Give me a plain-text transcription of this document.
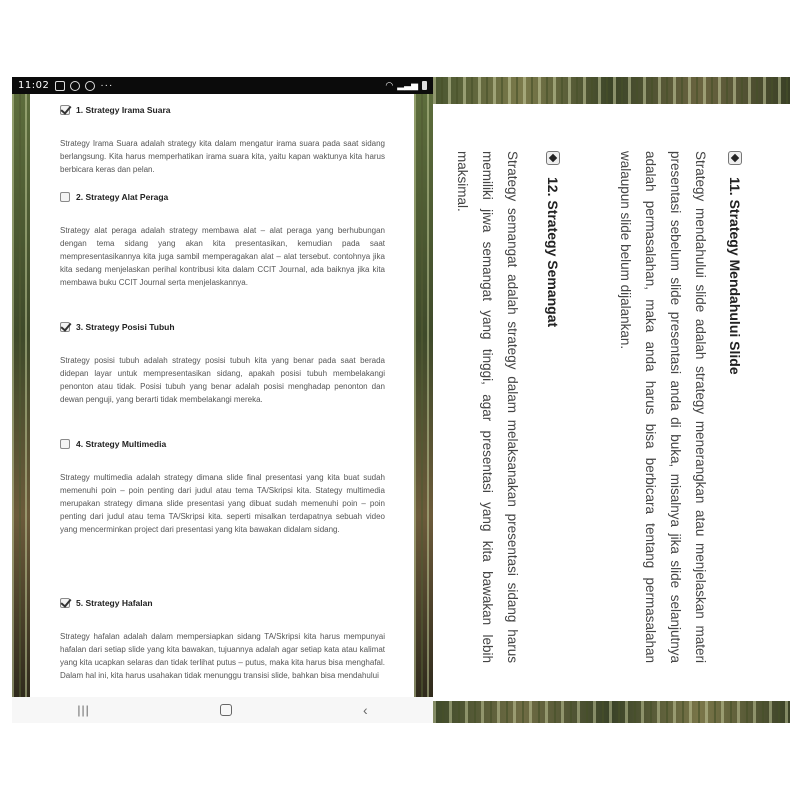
11:02	···	◠ ▂▃▅
1. Strategy Irama Suara
Strategy Irama Suara adalah strategy kita dalam mengatur irama suara pada saat sidang berlangsung. Kita harus memperhatikan irama suara kita, yaitu kapan waktunya kita harus berbicara keras dan pelan.
2. Strategy Alat Peraga
Strategy alat peraga adalah strategy membawa alat – alat peraga yang berhubungan dengan tema sidang yang akan kita presentasikan, kemudian pada saat mempresentasikannya kita juga sambil memperagakan alat – alat tersebut. contohnya jika kita sedang menjelaskan perihal kontribusi kita dalam CCIT Journal, ada baiknya jika kita membawa buku CCIT Journal serta menjelaskannya.
3. Strategy Posisi Tubuh
Strategy posisi tubuh adalah strategy posisi tubuh kita yang benar pada saat berada didepan layar untuk mempresentasikan sidang, apakah posisi tubuh membelakangi penonton atau tidak. Posisi tubuh yang benar adalah posisi menghadap penonton dan dewan penguji, yang berarti tidak membelakangi mereka.
4. Strategy Multimedia
Strategy multimedia adalah strategy dimana slide final presentasi yang kita buat sudah memenuhi poin – poin penting dari judul atau tema TA/Skripsi kita. Stategy multimedia merupakan strategy dimana slide presentasi yang dibuat sudah memenuhi poin – poin penting dari judul atau tema TA/Skripsi kita. seperti misalkan terdapatnya sebuah video yang mencerminkan project dari presentasi yang kita bawakan didalam sidang.
5. Strategy Hafalan
Strategy hafalan adalah dalam mempersiapkan sidang TA/Skripsi kita harus mempunyai hafalan dari setiap slide yang kita bawakan, tujuannya adalah agar setiap kata atau kalimat yang kita ucapkan selaras dan tidak terlihat putus – putus, maka kita harus bisa menghafal. Dalam hal ini, kita harus usahakan tidak menunggu transisi slide, bahkan bisa mendahului
|||	‹
11. Strategy Mendahului Slide
Strategy mendahului slide adalah strategy menerangkan atau menjelaskan materi presentasi sebelum slide presentasi anda di buka, misalnya jika slide selanjutnya adalah permasalahan, maka anda harus bisa berbicara tentang permasalahan walaupun slide belum dijalankan.
12. Strategy Semangat
Strategy semangat adalah strategy dalam melaksanakan presentasi sidang harus memiliki jiwa semangat yang tinggi, agar presentasi yang kita bawakan lebih maksimal.
